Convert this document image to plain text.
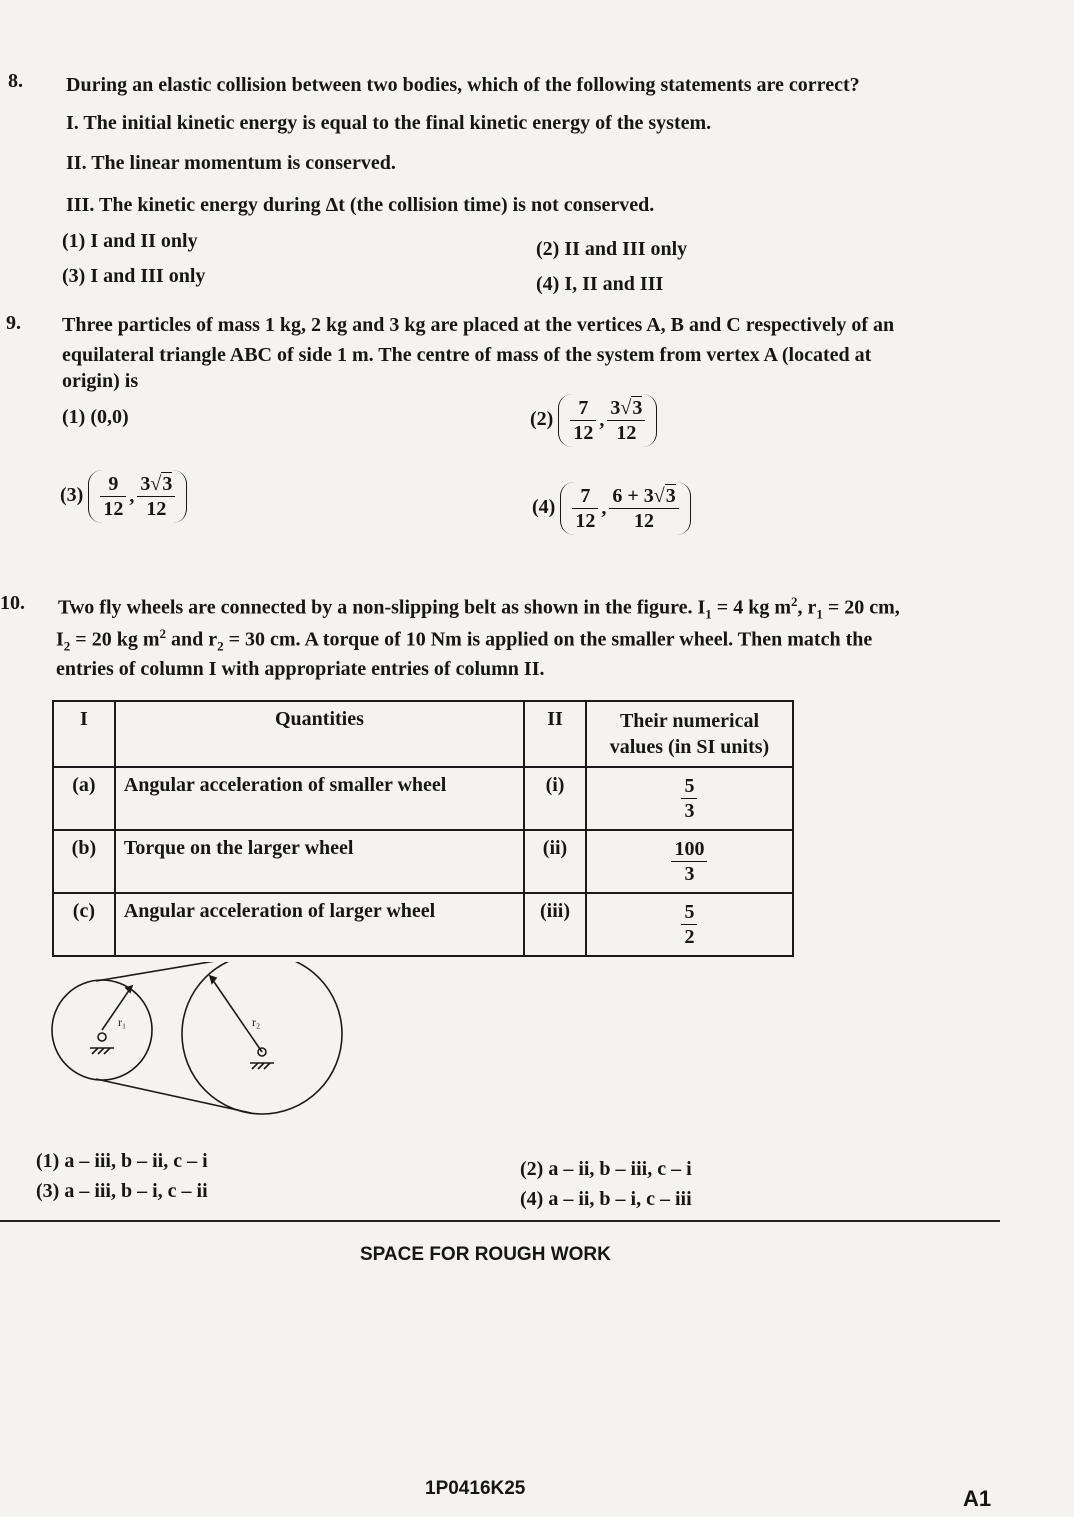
8. During an elastic collision between two bodies, which of the following statements are correct?
I. The initial kinetic energy is equal to the final kinetic energy of the system.
II. The linear momentum is conserved.
III. The kinetic energy during Δt (the collision time) is not conserved.
(1) I and II only	(2) II and III only
(3) I and III only	(4) I, II and III
9. Three particles of mass 1 kg, 2 kg and 3 kg are placed at the vertices A, B and C respectively of an
equilateral triangle ABC of side 1 m. The centre of mass of the system from vertex A (located at
origin) is
(1) (0,0)	$(2) \frac{7}{12}$ , $\frac{3√3}{12}$
$(3) \frac{9}{12}$ , $\frac{3√3}{12}$	$(4) \frac{7}{12}$ , $\frac{6 + 3√3}{12}$
10. Two fly wheels are connected by a non-slipping belt as shown in the figure. $I_1 = 4$ kg $m^2$, $r_1 = 20$ cm,
$I_2 = 20$ kg $m^2$ and $r_2 = 30$ cm. A torque of 10 Nm is applied on the smaller wheel. Then match the
entries of column I with appropriate entries of column II.
I	Quantities	II	Their numerical values (in SI units)
(a)	Angular acceleration of smaller wheel	(i)	$\frac{5}{3}$

(b)	Torque on the larger wheel	(ii)	$\frac{100}{3}$

(c)	Angular acceleration of larger wheel	(iii)	$\frac{5}{2}$
r₁	r₂
(1) a – iii, b – ii, c – i	(2) a – ii, b – iii, c – i
(3) a – iii, b – i, c – ii	(4) a – ii, b – i, c – iii
SPACE FOR ROUGH WORK
1P0416K25	A1
